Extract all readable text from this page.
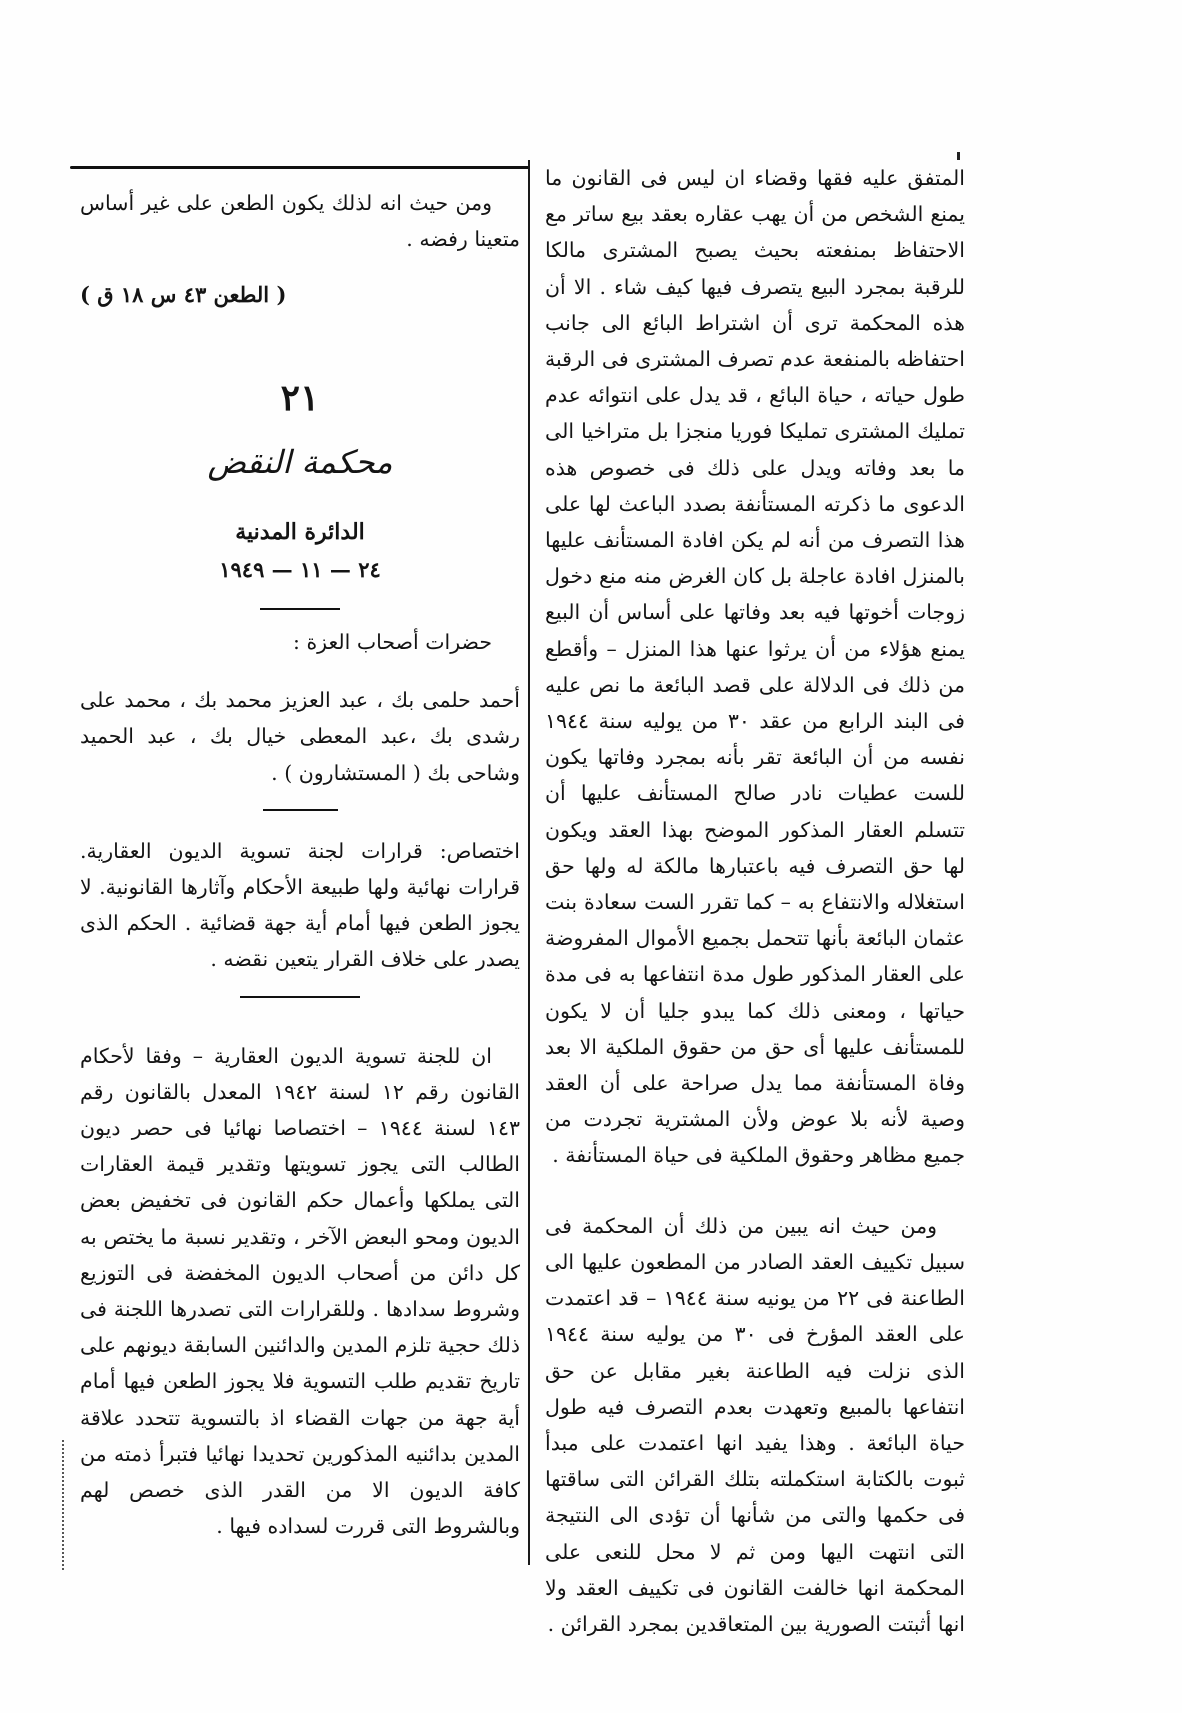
المتفق عليه فقها وقضاء ان ليس فى القانون ما يمنع الشخص من أن يهب عقاره بعقد بيع ساتر مع الاحتفاظ بمنفعته بحيث يصبح المشترى مالكا للرقبة بمجرد البيع يتصرف فيها كيف شاء . الا أن هذه المحكمة ترى أن اشتراط البائع الى جانب احتفاظه بالمنفعة عدم تصرف المشترى فى الرقبة طول حياته ، حياة البائع ، قد يدل على انتوائه عدم تمليك المشترى تمليكا فوريا منجزا بل متراخيا الى ما بعد وفاته ويدل على ذلك فى خصوص هذه الدعوى ما ذكرته المستأنفة بصدد الباعث لها على هذا التصرف من أنه لم يكن افادة المستأنف عليها بالمنزل افادة عاجلة بل كان الغرض منه منع دخول زوجات أخوتها فيه بعد وفاتها على أساس أن البيع يمنع هؤلاء من أن يرثوا عنها هذا المنزل – وأقطع من ذلك فى الدلالة على قصد البائعة ما نص عليه فى البند الرابع من عقد ٣٠ من يوليه سنة ١٩٤٤ نفسه من أن البائعة تقر بأنه بمجرد وفاتها يكون للست عطيات نادر صالح المستأنف عليها أن تتسلم العقار المذكور الموضح بهذا العقد ويكون لها حق التصرف فيه باعتبارها مالكة له ولها حق استغلاله والانتفاع به – كما تقرر الست سعادة بنت عثمان البائعة بأنها تتحمل بجميع الأموال المفروضة على العقار المذكور طول مدة انتفاعها به فى مدة حياتها ، ومعنى ذلك كما يبدو جليا أن لا يكون للمستأنف عليها أى حق من حقوق الملكية الا بعد وفاة المستأنفة مما يدل صراحة على أن العقد وصية لأنه بلا عوض ولأن المشترية تجردت من جميع مظاهر وحقوق الملكية فى حياة المستأنفة .

ومن حيث انه يبين من ذلك أن المحكمة فى سبيل تكييف العقد الصادر من المطعون عليها الى الطاعنة فى ٢٢ من يونيه سنة ١٩٤٤ – قد اعتمدت على العقد المؤرخ فى ٣٠ من يوليه سنة ١٩٤٤ الذى نزلت فيه الطاعنة بغير مقابل عن حق انتفاعها بالمبيع وتعهدت بعدم التصرف فيه طول حياة البائعة . وهذا يفيد انها اعتمدت على مبدأ ثبوت بالكتابة استكملته بتلك القرائن التى ساقتها فى حكمها والتى من شأنها أن تؤدى الى النتيجة التى انتهت اليها ومن ثم لا محل للنعى على المحكمة انها خالفت القانون فى تكييف العقد ولا انها أثبتت الصورية بين المتعاقدين بمجرد القرائن .

ومن حيث انه لذلك يكون الطعن على غير أساس متعينا رفضه .

( الطعن ٤٣ س ١٨ ق )

٢١

محكمة النقض

الدائرة المدنية

٢٤ — ١١ — ١٩٤٩

حضرات أصحاب العزة :

أحمد حلمى بك ، عبد العزيز محمد بك ، محمد على رشدى بك ،عبد المعطى خيال بك ، عبد الحميد وشاحى بك ( المستشارون ) .

اختصاص: قرارات لجنة تسوية الديون العقارية. قرارات نهائية ولها طبيعة الأحكام وآثارها القانونية. لا يجوز الطعن فيها أمام أية جهة قضائية . الحكم الذى يصدر على خلاف القرار يتعين نقضه .

ان للجنة تسوية الديون العقارية – وفقا لأحكام القانون رقم ١٢ لسنة ١٩٤٢ المعدل بالقانون رقم ١٤٣ لسنة ١٩٤٤ – اختصاصا نهائيا فى حصر ديون الطالب التى يجوز تسويتها وتقدير قيمة العقارات التى يملكها وأعمال حكم القانون فى تخفيض بعض الديون ومحو البعض الآخر ، وتقدير نسبة ما يختص به كل دائن من أصحاب الديون المخفضة فى التوزيع وشروط سدادها . وللقرارات التى تصدرها اللجنة فى ذلك حجية تلزم المدين والدائنين السابقة ديونهم على تاريخ تقديم طلب التسوية فلا يجوز الطعن فيها أمام أية جهة من جهات القضاء اذ بالتسوية تتحدد علاقة المدين بدائنيه المذكورين تحديدا نهائيا فتبرأ ذمته من كافة الديون الا من القدر الذى خصص لهم وبالشروط التى قررت لسداده فيها .
